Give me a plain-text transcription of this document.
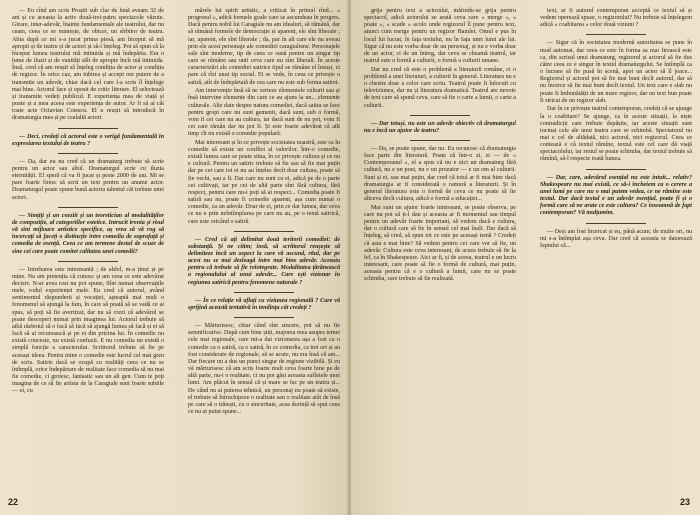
— Eu cînd am scris Proștii sub clar de lună aveam 32 de ani și cu aceasta la activ două-trei-patru spectacole văzute. Girare, inter-adevăr, înainte fundamentale ale teatrului, dar nu ceam, ceea ce se numește, de obicei, un sîrbitor de teatru. Abia după ce mi s-a jucat prima piesă, am început să mă apropii și de teatru și de actori și să-i înțeleg. Pot să spun că la început lumea teatrului mă intimida și mă îndepărta. Era o lume de iluzii și de vanități sălt de apropie încît mă intimida. Însă, cred că am reușit să înțeleg condiția de actor și condiția de regizor. În orice caz, am iubirea și accept ore putere de a transmite un adevăr, chiar dacă cel care l-a scris îl înțelege mai bine. Actorul face și oposit de critic literare. El selectează și transmite vedeți publicul. E experiența mea de viață și poate și a mea aceea este experiența de autor. Ar fi să ai cât toate acte Octavian Cotescu. El a reușit să introducă în dramaturgia mea și pe cealaltă actori.

— Deci, credeți că actorul este o verigă fundamentală în expresiarea textului de teatru ?

— Da, dar eu nu cred că un dramaturg trebuie să scrie pentru un actor sau altul. Dramaturgul scrie cu iluzia eternității. El speră că va fi jucat și peste 2000 de ani. Mi se pare foarte firesc să scrii un text pentru un anume actor. Dramaturgul poate spune bună actoria talentul căi trebuie unei actori.

— Simțiți și un coeziit și un teoretician al modalităților de compoziție, al categoriilor estetice. Intrucît ironia și rîsul vă sînt mijloace artistice specifice, aș vrea să vă rog să încercați să faceți o distincție între comedia de suprafață și comedia de esență. Ceea ce am termene destul de scuze de sine cei care poate comitet calitatea unei comedii?

— Intrebarea este interesantă ; de altfel, m-a ținut și pe mine. Nu am pretenția că cunosc și am ceea ce este adevărat decisiv. N-ar avea rost nu pot spune, Sînt numai observațiile mele, rodul experienței mele. Eu cred că autorul, având sentimentul răspunderii și vocației, așteaptă mai mult o fenomenul să ajungă la fum, în care să poată să se vadă ce ai spus, să poți să fie avertizat, dar nu să crezi că adevărul se poate descoperi numai prin imaginea lui. Actorul trebuie să aibă războiul să o facă să facă să ajungă lumea să facă și ei să facă să ai recunoască și pe ei din pricina lui. În comedie nu există concesie, nu există confuzii. E nu comedia nu există o simplă funcție a caracterului. Scriitorul trebuie să fie pe aceeași ideea. Pentru mine o comedie este lucrul cel mai greu de scris. Satirie dacă se ocupă cu realități ceea ce nu se întîmplă, orice îndepărtare de realitate face comedia să nu mai fie comedie, ci grotesc, fantastic sau un alt gen. Cum te poți imagina de ce să fie artista de la Caragiale sunt foarte subtile — ei, cu

mărele lui spirit artistic, a criticat în primul rînd... « progresul », adică formele goale care se ascundeau în progres. Dacă pentru nobil lui Caragiale nu am idealuri, să rămână, dar să rămână formele de democrație și aparent, ele sînt liberale ; iar, aparent, ele sînt liberale ; da, par în alt care ele nu aveau prin ele acest personaje ale comediei caragialiene. Personajele sale sînt moderne, tip de ceea ce sună pentru un singur tip care se rămâne sau unii ceva care nu sînt liberali. În aceste caracterizări ale comediei satirice tipul se rămâne el însuși, ci pare că rîzi unui tip social. Ei se vede, în ceea ce privește o satiră, atît de îndepărtată de cea care nu este sub forma satirei.

Am intervenție însă să ne certeze elementele culturii sau și însă intervine elemente din care ce au ajuns la un... elemente culturale. Alte date despre natura comediei, dacă satira se face pentru gropi care nu sunt gemenii, dacă sunt, sub o formă, vom fi cei care nu au cultura, iar dacă sunt de nu pot, vom fi cei care rămân dar nu pot fi. Și este foarte adevărat că atît timp cît nu există o comedie populară.

Mai interesant și în ce privește societatea noastră, este ca în comedie să existe un conflict al valorilor. Într-o comedie, există lumea care se poate situa, în ce privește cultura și ce nu e cultură. Pentru un satiric trebuie să fie sau să fie mai puțin dar pe cei care tot ei nu au înțeles decît doar cultura, poate să fie vechi, sau a fi. Dar care nu sunt cu ei, adică pe de o parte cei cultivați, iar pe cei de altă parte sînt fără cultura, fără respect, pentru care nu-i poți să ai respect... Comedia poate fi satiră sau nu, poate fi comedie aparent, așa cum numai o comedie, ca un adevăr. Doar de ei, prin ce dar lumea, dar ceva ce nu e prin neîntîmplarea pe care nu au, pe o temă satirică, care este oricând o satiră.

— Cred că ați delimitat două teritorii comediei: de substanță. Și ne citim; însă, să scriitorul reușește să delimiteze încă un aspect la care vă ascund, răul, dar pe acest nu se mai dezleagă între mai bine adevăr. Aceasta pentru că trebuie să fie reintegrate. Modalitatea țărănească a regionalului al unui adevăr... Care ești vizionar în regiunea satirică pentru fenomene naturale ?

— În ce relație vă aflați cu viziunea regională ? Care vă sprijină această tentativă în tendința cât credeți ?

— Mărturisesc, chiar când sînt sincere, pot să nu fie semnificative. După cum bine știți, majorea mea asupra temei cele mai regionale, care mi-a dat vizionarea așa a fost ca o comedie ca o satiră, ca o satiră, în ce comedia, ca trei ori și au fost considerate de regionale, să se acute, nu era însă că am... Dar fiecare nu a dus un punct singur de regiune vizibilă. Și eu vă mărturisesc că am scris foarte mult ceva foarte bine pe de altă parte, nu-i o realitate, ci nu pot găsi aceasta sufletele unei lumi. Am plăcut în sensul că și mare se fac pe un teatru și... De când nu ai puterea tehnică, un personaj nu poate să existe, el trebuie să întruchipeze o realitate sau o realitate atât de însă pe care să o trăiești, cu o sinceritate, acea dorință să spui ceea ce nu ai putut spune...

22

grija pentru text a actorului, mărindu-se grija pentru spectacol, adică actorului se arată ceva care « merge », « poate », « scade » acolo unde regizorul îl pune pentru text, atunci cum merge pentru un regizor Hamlet. Omul e pus în locul lui lucrat, în fața textului, nu în fața unei lumi ale lui. Sigur că nu este vorba doar de un personaj, și nu e vorba doar de un actor, ci de un întreg, dar ceva se cheamă teatrul, iar teatrul este o formă a culturii, o formă a culturii umane.

Dar nu cred că este o problemă a literaturii române, ci o problemă a unei literaturi, a culturii în general. Literatura nu e o chestie doar a celor care scriu. Teatrul poate fi înlocuit cu televiziunea, dar nu și literatura dramatică. Teatrul are nevoie de text care să spună ceva, care să fie o carte a lumii, o carte a culturii.

— Dar totuși, nu este un adevăr obiectiv că dramaturgul nu e încă un ajutor de teatru?

— Da, se poate spune, dar nu. Eu recunosc că dramaturgia face parte din literatură. Poate că într-o zi, zi — de « Contemporanul », el a spus că nu e nici un dramaturg fără cultură, nu e un poet, nu e un prozator — e un om al culturii. Sunt și ei, sau mai puțin, dar cred că totul ar fi mai bine dacă dramaturgia ar fi considerată o ramură a literaturii. Și în general literatura este o formă de ceva ce nu poate să fie altceva decît cultura, adică o formă a educației...

Mai sunt un ajutor foarte interesant, se poate observa, pe care nu pot să ți-l dau și aceasta ar fi momentul sau timpul pentru un adevăr foarte important, să vedem dacă e cultura, dar o cultură care să fie în sensul cel mai înalt. Dar dacă să înțeleg, să cred, să spun tot ce este pe aceeași temă ? Credeți că asta e mai bine? Să vedem pentru cei care vor să fie, un adevăr. Cultura este ceva interesant, de aceea trebuie să fie la fel, ca în Shakespeare. Aici ar fi, și de aceea, teatrul e un lucru interesant, care poate să fie o formă de cultură, mai puțin, aceasta pentru că e o cultură a lumii, care nu se poate schimba, care trebuie să fie realizată.

text, ar fi autorul contemporan acceptă ce textul să și vedem operează spuse, o regizorului? Nu trebuie să înțelegem adică « coabitarea » celor două viziuni ?

— Sigur că în societatea modernă autoritatea se pune în mod automat, dar ceea ce este în forma sa mai firească este ca, din scrisul unui dramaturg, regizorul și actorul să fie dus către ceea ce e singur în textul dramaturgului. Se întîmplă ca o lucrare să fie pusă în scenă, apoi un actor să îl joace... Regizorul și actorul pot să fie mai buni decît autorul, dar să nu încerce să fie mai buni decît textul. Un text care e slab nu poate fi îmbunătățit de un mare regizor, dar un text bun poate fi stricat de un regizor slab.

Dar în ce privește teatrul contemporan, credeți că se ajunge la o coabitare? Se ajunge, ca în aceste situații, la niște contradicții care trebuie depășite, iar aceste situații sunt tocmai cele ale unui teatru care se schimbă. Spectatorul nu mai e cel de altădată, nici actorul, nici regizorul. Ceea ce contează e că textul rămîne, textul este cel care dă viață spectacolului, iar restul se poate schimba, dar textul trebuie să rămînă, să-l respecte toată lumea.

— Dar, care, adevărul esențial nu este intuit... relativ? Shakespeare nu mai există, ce să-i încheiem ca o cerere a unei lumi pe care nu o mai putem vedea, ce ne rămîne este textul. Dar dacă textul e un adevăr esențial, poate fi și o formă care să ne arate ce este cultura? Ce înseamnă de fapt contemporan? Vă mulțumim.

— Deși am fost încercat și eu, până acum, de multe ori, nu mi s-a întîmplat așa ceva. Dar cred că aceasta se datorează faptului că...

23
